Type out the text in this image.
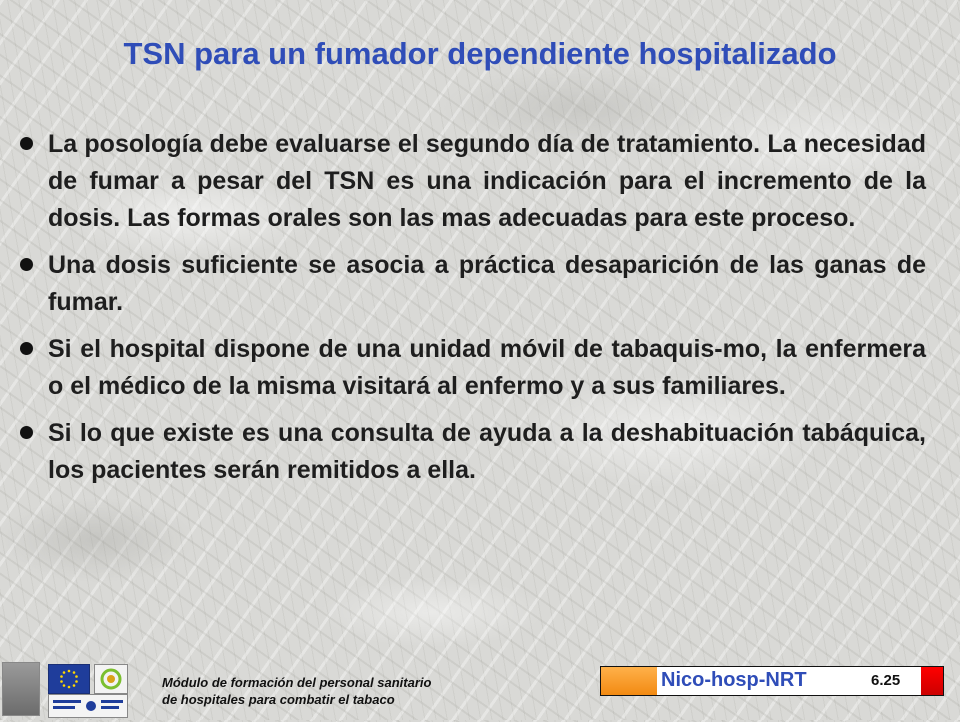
TSN para un fumador dependiente hospitalizado
La posología debe evaluarse el segundo día de tratamiento. La necesidad de fumar a pesar del TSN es una indicación para el incremento de la dosis. Las formas orales son las mas adecuadas para este proceso.
Una dosis suficiente se asocia a práctica desaparición de las ganas de fumar.
Si el hospital dispone de una unidad móvil de tabaquis-mo, la enfermera o el médico de la misma visitará al enfermo y a sus familiares.
Si lo que existe es una consulta de ayuda a la deshabituación tabáquica, los pacientes serán remitidos a ella.
Módulo de formación del personal sanitario
de hospitales para combatir el tabaco
Nico-hosp-NRT	6.25
